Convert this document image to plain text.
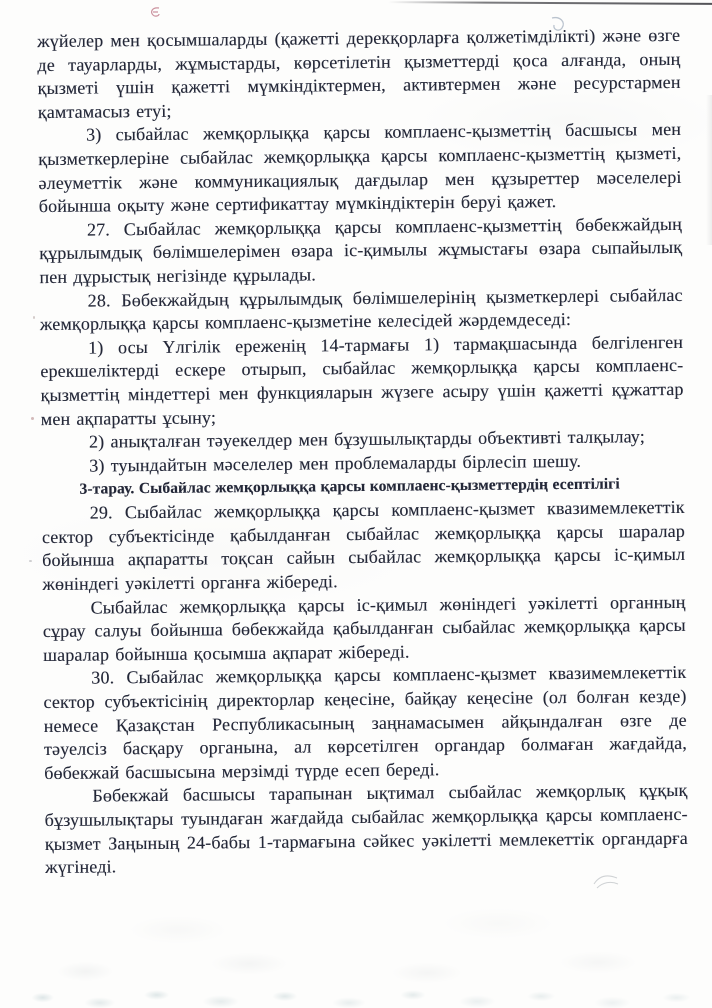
жүйелер мен қосымшаларды (қажетті дерекқорларға қолжетімділікті) және өзге де тауарларды, жұмыстарды, көрсетілетін қызметтерді қоса алғанда, оның қызметі үшін қажетті мүмкіндіктермен, активтермен және ресурстармен қамтамасыз етуі;

3) сыбайлас жемқорлыққа қарсы комплаенс-қызметтің басшысы мен қызметкерлеріне сыбайлас жемқорлыққа қарсы комплаенс-қызметтің қызметі, әлеуметтік және коммуникациялық дағдылар мен құзыреттер мәселелері бойынша оқыту және сертификаттау мүмкіндіктерін беруі қажет.

27. Сыбайлас жемқорлыққа қарсы комплаенс-қызметтің бөбекжайдың құрылымдық бөлімшелерімен өзара іс-қимылы жұмыстағы өзара сыпайылық пен дұрыстық негізінде құрылады.

28. Бөбекжайдың құрылымдық бөлімшелерінің қызметкерлері сыбайлас жемқорлыққа қарсы комплаенс-қызметіне келесідей жәрдемдеседі:

1) осы Үлгілік ереженің 14-тармағы 1) тармақшасында белгіленген ерекшеліктерді ескере отырып, сыбайлас жемқорлыққа қарсы комплаенс-қызметтің міндеттері мен функцияларын жүзеге асыру үшін қажетті құжаттар мен ақпаратты ұсыну;

2) анықталған тәуекелдер мен бұзушылықтарды объективті талқылау;

3) туындайтын мәселелер мен проблемаларды бірлесіп шешу.

3-тарау. Сыбайлас жемқорлыққа қарсы комплаенс-қызметтердің есептілігі

29. Сыбайлас жемқорлыққа қарсы комплаенс-қызмет квазимемлекеттік сектор субъектісінде қабылданған сыбайлас жемқорлыққа қарсы шаралар бойынша ақпаратты тоқсан сайын сыбайлас жемқорлыққа қарсы іс-қимыл жөніндегі уәкілетті органға жібереді.

Сыбайлас жемқорлыққа қарсы іс-қимыл жөніндегі уәкілетті органның сұрау салуы бойынша бөбекжайда қабылданған сыбайлас жемқорлыққа қарсы шаралар бойынша қосымша ақпарат жібереді.

30. Сыбайлас жемқорлыққа қарсы комплаенс-қызмет квазимемлекеттік сектор субъектісінің директорлар кеңесіне, байқау кеңесіне (ол болған кезде) немесе Қазақстан Республикасының заңнамасымен айқындалған өзге де тәуелсіз басқару органына, ал көрсетілген органдар болмаған жағдайда, бөбекжай басшысына мерзімді түрде есеп береді.

Бөбекжай басшысы тарапынан ықтимал сыбайлас жемқорлық құқық бұзушылықтары туындаған жағдайда сыбайлас жемқорлыққа қарсы комплаенс-қызмет Заңының 24-бабы 1-тармағына сәйкес уәкілетті мемлекеттік органдарға жүгінеді.
